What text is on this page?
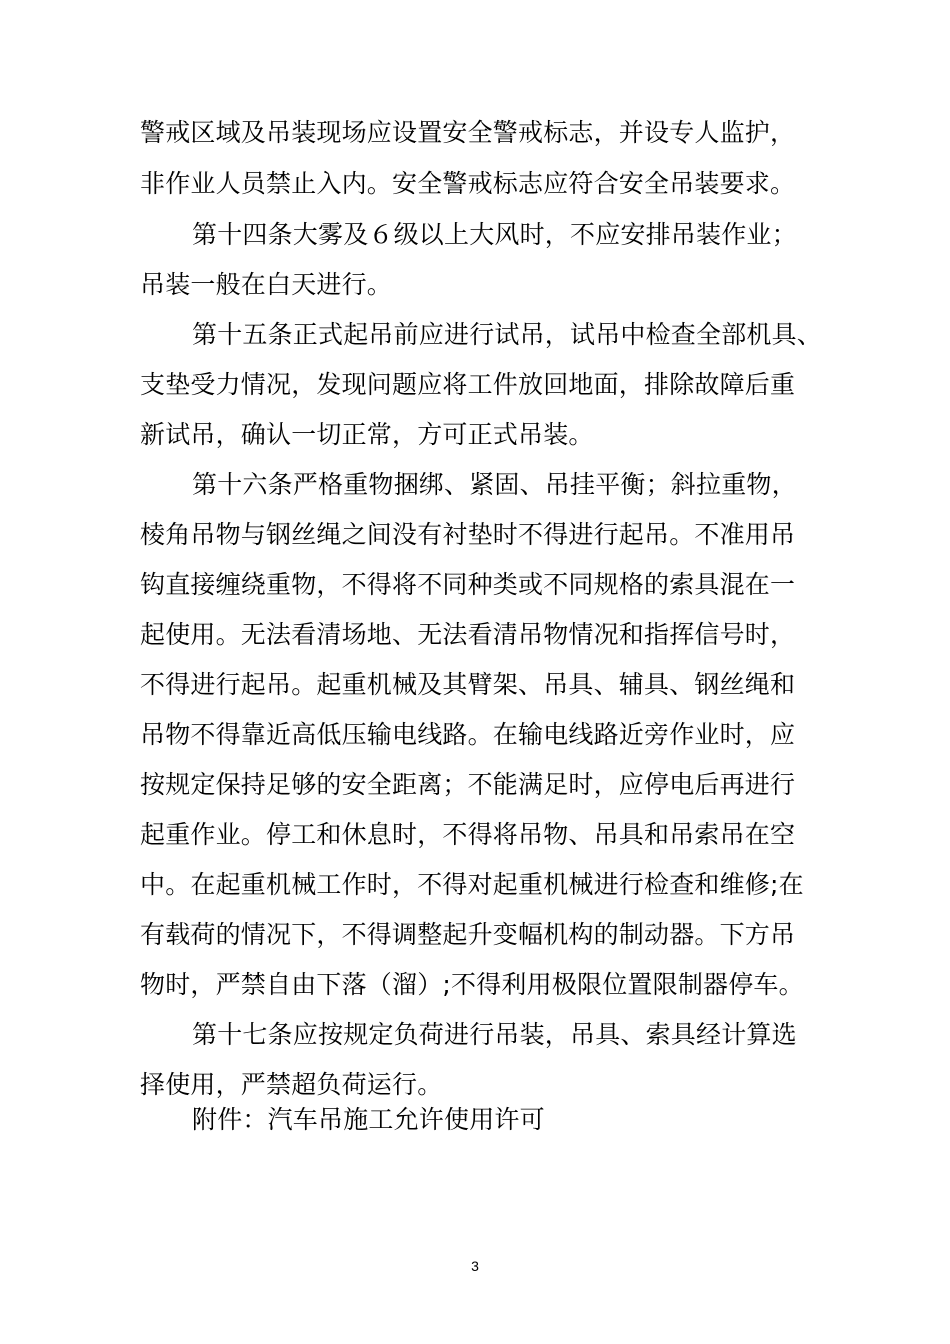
警戒区域及吊装现场应设置安全警戒标志，并设专人监护，
非作业人员禁止入内。安全警戒标志应符合安全吊装要求。
第十四条大雾及６级以上大风时，不应安排吊装作业；
吊装一般在白天进行。
第十五条正式起吊前应进行试吊，试吊中检查全部机具、
支垫受力情况，发现问题应将工件放回地面，排除故障后重
新试吊，确认一切正常，方可正式吊装。
第十六条严格重物捆绑、紧固、吊挂平衡；斜拉重物，
棱角吊物与钢丝绳之间没有衬垫时不得进行起吊。不准用吊
钩直接缠绕重物，不得将不同种类或不同规格的索具混在一
起使用。无法看清场地、无法看清吊物情况和指挥信号时，
不得进行起吊。起重机械及其臂架、吊具、辅具、钢丝绳和
吊物不得靠近高低压输电线路。在输电线路近旁作业时，应
按规定保持足够的安全距离；不能满足时，应停电后再进行
起重作业。停工和休息时，不得将吊物、吊具和吊索吊在空
中。在起重机械工作时，不得对起重机械进行检查和维修;在
有载荷的情况下，不得调整起升变幅机构的制动器。下方吊
物时，严禁自由下落（溜）;不得利用极限位置限制器停车。
第十七条应按规定负荷进行吊装，吊具、索具经计算选
择使用，严禁超负荷运行。
附件：汽车吊施工允许使用许可
3
